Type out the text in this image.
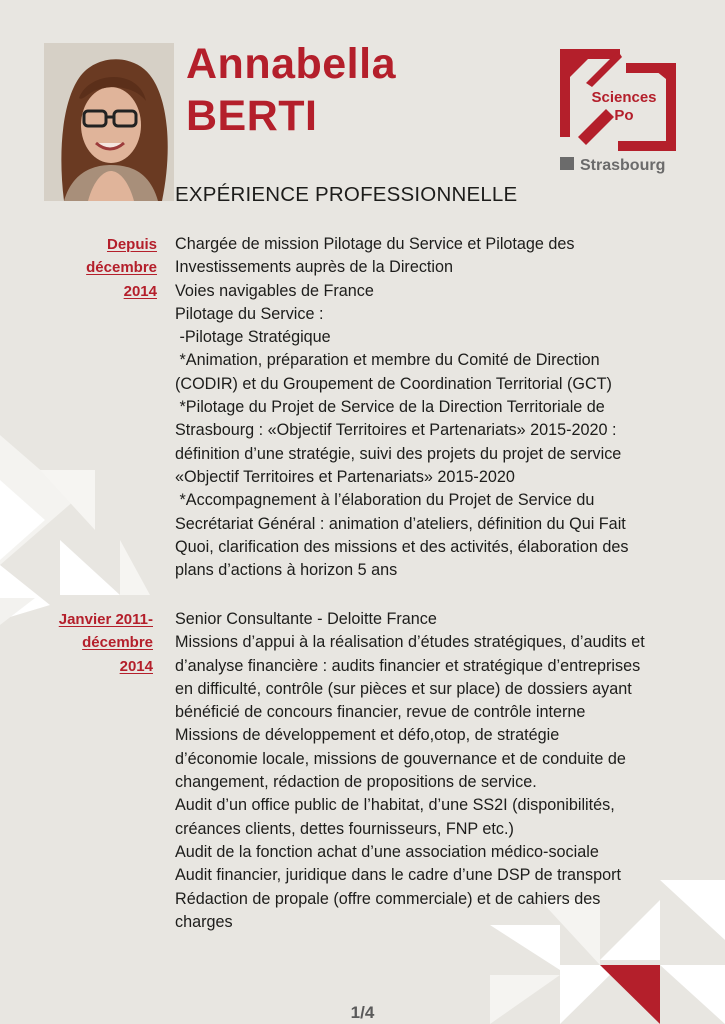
Annabella
BERTI	Sciences
Po
Strasbourg
EXPÉRIENCE PROFESSIONNELLE
Depuis
décembre
2014
Chargée de mission Pilotage du Service et Pilotage des
Investissements auprès de la Direction
Voies navigables de France
Pilotage du Service :
-Pilotage Stratégique
*Animation, préparation et membre du Comité de Direction
(CODIR) et du Groupement de Coordination Territorial (GCT)
*Pilotage du Projet de Service de la Direction Territoriale de
Strasbourg : «Objectif Territoires et Partenariats» 2015-2020 :
définition d’une stratégie, suivi des projets du projet de service
«Objectif Territoires et Partenariats» 2015-2020
*Accompagnement à l’élaboration du Projet de Service du
Secrétariat Général : animation d’ateliers, définition du Qui Fait
Quoi, clarification des missions et des activités, élaboration des
plans d’actions à horizon 5 ans
Janvier 2011-
décembre
2014
Senior Consultante - Deloitte France
Missions d’appui à la réalisation d’études stratégiques, d’audits et
d’analyse financière : audits financier et stratégique d’entreprises
en difficulté, contrôle (sur pièces et sur place) de dossiers ayant
bénéficié de concours financier, revue de contrôle interne
Missions de développement et défo,otop, de stratégie
d’économie locale, missions de gouvernance et de conduite de
changement, rédaction de propositions de service.
Audit d’un office public de l’habitat, d’une SS2I (disponibilités,
créances clients, dettes fournisseurs, FNP etc.)
Audit de la fonction achat d’une association médico-sociale
Audit financier, juridique dans le cadre d’une DSP de transport
Rédaction de propale (offre commerciale) et de cahiers des
charges
1/4
